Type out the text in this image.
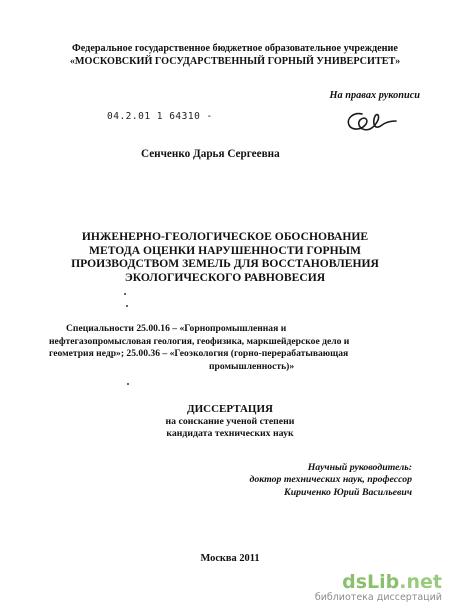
Федеральное государственное бюджетное образовательное учреждение
«МОСКОВСКИЙ ГОСУДАРСТВЕННЫЙ ГОРНЫЙ УНИВЕРСИТЕТ»
На правах рукописи
04.2.01 1 64310 -
Сенченко Дарья Сергеевна
ИНЖЕНЕРНО-ГЕОЛОГИЧЕСКОЕ ОБОСНОВАНИЕ
МЕТОДА ОЦЕНКИ НАРУШЕННОСТИ ГОРНЫМ
ПРОИЗВОДСТВОМ ЗЕМЕЛЬ ДЛЯ ВОССТАНОВЛЕНИЯ
ЭКОЛОГИЧЕСКОГО РАВНОВЕСИЯ
Специальности 25.00.16 – «Горнопромышленная и
нефтегазопромысловая геология, геофизика, маркшейдерское дело и
геометрия недр»; 25.00.36 – «Геоэкология (горно-перерабатывающая
промышленность)»
ДИССЕРТАЦИЯ
на соискание ученой степени
кандидата технических наук
Научный руководитель:
доктор технических наук, профессор
Кириченко Юрий Васильевич
Москва 2011
dsLib.net
библиотека диссертаций
